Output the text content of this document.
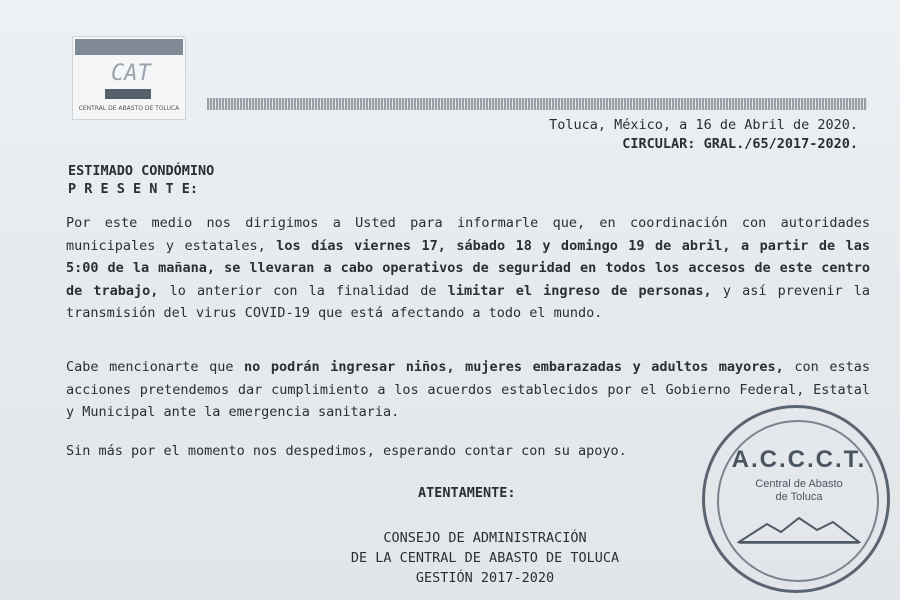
CAT
CENTRAL DE ABASTO DE TOLUCA
Toluca, México, a 16 de Abril de 2020.
CIRCULAR: GRAL./65/2017-2020.
ESTIMADO CONDÓMINO
P R E S E N T E:
Por este medio nos dirigimos a Usted para informarle que, en coordinación con autoridades municipales y estatales, los días viernes 17, sábado 18 y domingo 19 de abril, a partir de las 5:00 de la mañana, se llevaran a cabo operativos de seguridad en todos los accesos de este centro de trabajo, lo anterior con la finalidad de limitar el ingreso de personas, y así prevenir la transmisión del virus COVID-19 que está afectando a todo el mundo.
Cabe mencionarte que no podrán ingresar niños, mujeres embarazadas y adultos mayores, con estas acciones pretendemos dar cumplimiento a los acuerdos establecidos por el Gobierno Federal, Estatal y Municipal ante la emergencia sanitaria.
Sin más por el momento nos despedimos, esperando contar con su apoyo.
ATENTAMENTE:
CONSEJO DE ADMINISTRACIÓN
DE LA CENTRAL DE ABASTO DE TOLUCA
GESTIÓN 2017-2020
A.C.C.C.T.
Central de Abasto
de Toluca
